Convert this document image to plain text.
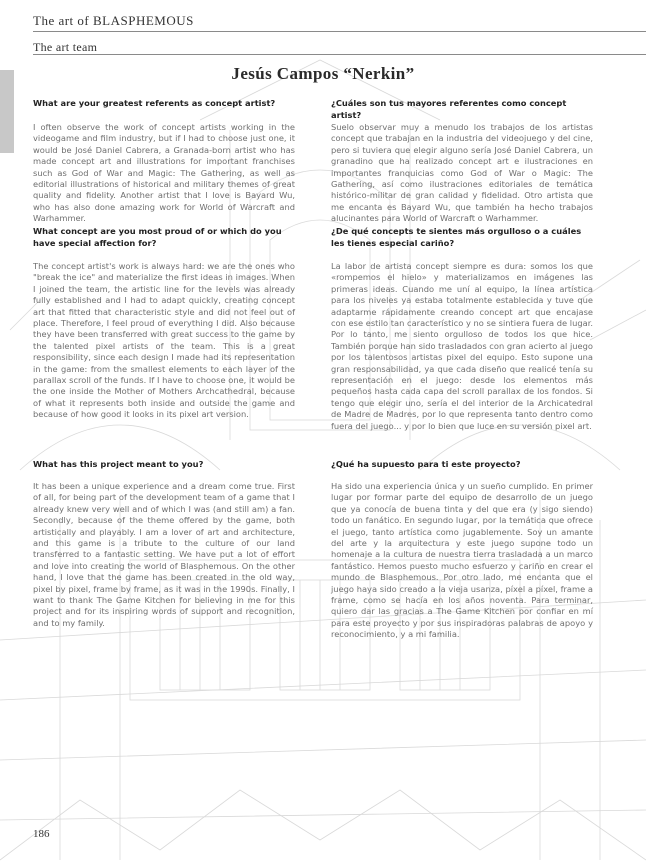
The art of BLASPHEMOUS
The art team
Jesús Campos “Nerkin”
What are your greatest referents as concept artist?

I often observe the work of concept artists working in the videogame and film industry, but if I had to choose just one, it would be José Daniel Cabrera, a Granada-born artist who has made concept art and illustrations for important franchises such as God of War and Magic: The Gathering, as well as editorial illustrations of historical and military themes of great quality and fidelity. Another artist that I love is Bayard Wu, who has also done amazing work for World of Warcraft and Warhammer.

What concept are you most proud of or which do you have special affection for?

The concept artist's work is always hard: we are the ones who "break the ice" and materialize the first ideas in images. When I joined the team, the artistic line for the levels was already fully established and I had to adapt quickly, creating concept art that fitted that characteristic style and did not feel out of place. Therefore, I feel proud of everything I did. Also because they have been transferred with great success to the game by the talented pixel artists of the team. This is a great responsibility, since each design I made had its representation in the game: from the smallest elements to each layer of the parallax scroll of the funds. If I have to choose one, it would be the one inside the Mother of Mothers Archcathedral, because of what it represents both inside and outside the game and because of how good it looks in its pixel art version.

What has this project meant to you?

It has been a unique experience and a dream come true. First of all, for being part of the development team of a game that I already knew very well and of which I was (and still am) a fan. Secondly, because of the theme offered by the game, both artistically and playably. I am a lover of art and architecture, and this game is a tribute to the culture of our land transferred to a fantastic setting. We have put a lot of effort and love into creating the world of Blasphemous. On the other hand, I love that the game has been created in the old way, pixel by pixel, frame by frame, as it was in the 1990s. Finally, I want to thank The Game Kitchen for believing in me for this project and for its inspiring words of support and recognition, and to my family.

¿Cuáles son tus mayores referentes como concept artist?

Suelo observar muy a menudo los trabajos de los artistas concept que trabajan en la industria del videojuego y del cine, pero si tuviera que elegir alguno sería José Daniel Cabrera, un granadino que ha realizado concept art e ilustraciones en importantes franquicias como God of War o Magic: The Gathering, así como ilustraciones editoriales de temática histórico-militar de gran calidad y fidelidad. Otro artista que me encanta es Bayard Wu, que también ha hecho trabajos alucinantes para World of Warcraft o Warhammer.

¿De qué concepts te sientes más orgulloso o a cuáles les tienes especial cariño?

La labor de artista concept siempre es dura: somos los que «rompemos el hielo» y materializamos en imágenes las primeras ideas. Cuando me uní al equipo, la línea artística para los niveles ya estaba totalmente establecida y tuve que adaptarme rápidamente creando concept art que encajase con ese estilo tan característico y no se sintiera fuera de lugar. Por lo tanto, me siento orgulloso de todos los que hice. También porque han sido trasladados con gran acierto al juego por los talentosos artistas pixel del equipo. Esto supone una gran responsabilidad, ya que cada diseño que realicé tenía su representación en el juego: desde los elementos más pequeños hasta cada capa del scroll parallax de los fondos. Si tengo que elegir uno, sería el del interior de la Archicatedral de Madre de Madres, por lo que representa tanto dentro como fuera del juego... y por lo bien que luce en su versión pixel art.

¿Qué ha supuesto para ti este proyecto?

Ha sido una experiencia única y un sueño cumplido. En primer lugar por formar parte del equipo de desarrollo de un juego que ya conocía de buena tinta y del que era (y sigo siendo) todo un fanático. En segundo lugar, por la temática que ofrece el juego, tanto artística como jugablemente. Soy un amante del arte y la arquitectura y este juego supone todo un homenaje a la cultura de nuestra tierra trasladada a un marco fantástico. Hemos puesto mucho esfuerzo y cariño en crear el mundo de Blasphemous. Por otro lado, me encanta que el juego haya sido creado a la vieja usanza, píxel a píxel, frame a frame, como se hacía en los años noventa. Para terminar, quiero dar las gracias a The Game Kitchen por confiar en mí para este proyecto y por sus inspiradoras palabras de apoyo y reconocimiento, y a mi familia.

186
